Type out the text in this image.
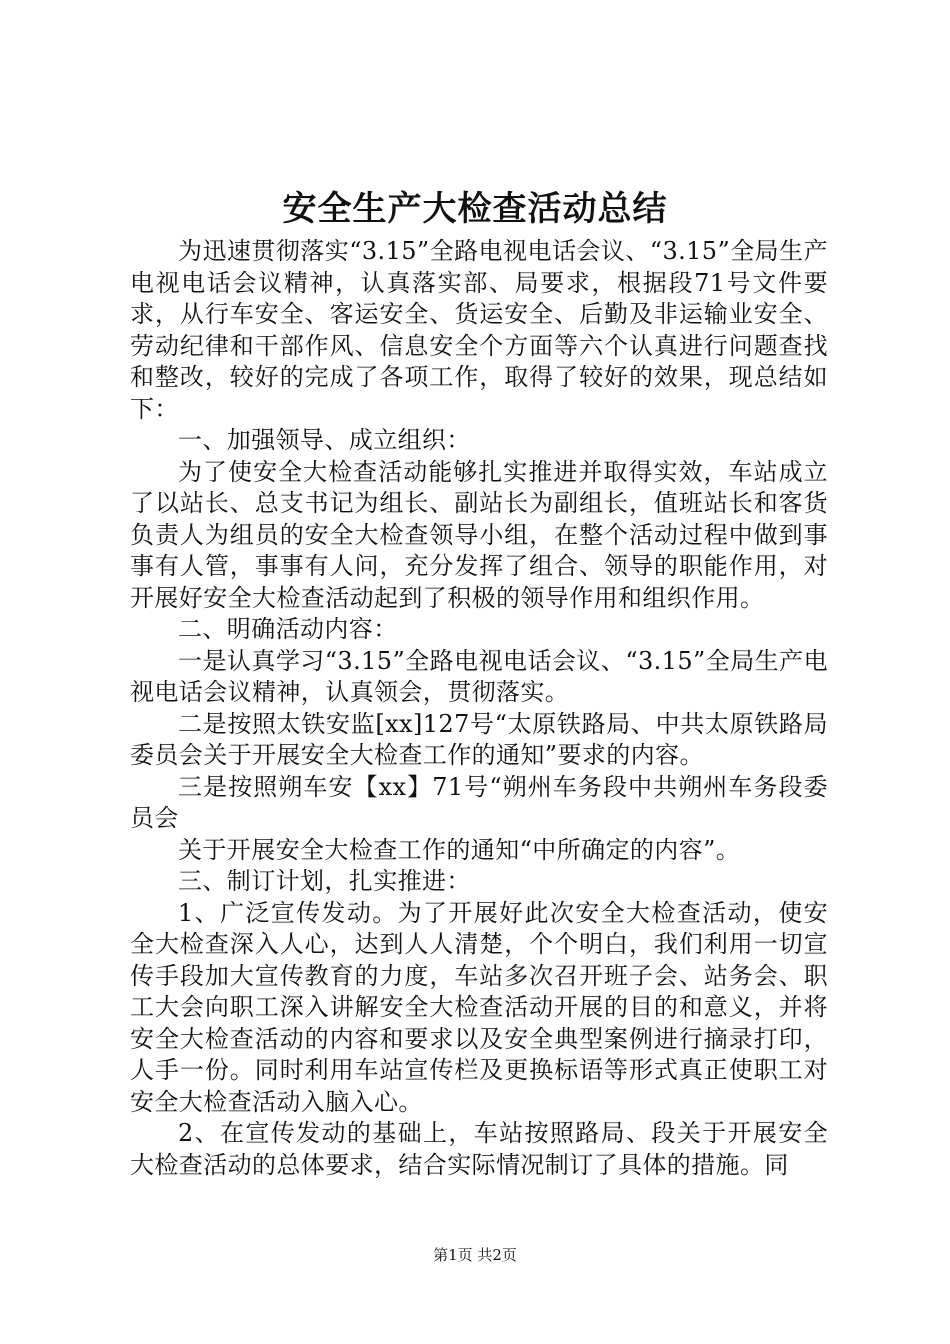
安全生产大检查活动总结

为迅速贯彻落实“3.15”全路电视电话会议、“3.15”全局生产电视电话会议精神，认真落实部、局要求，根据段71号文件要求，从行车安全、客运安全、货运安全、后勤及非运输业安全、劳动纪律和干部作风、信息安全个方面等六个认真进行问题查找和整改，较好的完成了各项工作，取得了较好的效果，现总结如下：

一、加强领导、成立组织：

为了使安全大检查活动能够扎实推进并取得实效，车站成立了以站长、总支书记为组长、副站长为副组长，值班站长和客货负责人为组员的安全大检查领导小组，在整个活动过程中做到事事有人管，事事有人问，充分发挥了组合、领导的职能作用，对开展好安全大检查活动起到了积极的领导作用和组织作用。

二、明确活动内容：

一是认真学习“3.15”全路电视电话会议、“3.15”全局生产电视电话会议精神，认真领会，贯彻落实。

二是按照太铁安监[xx]127号“太原铁路局、中共太原铁路局委员会关于开展安全大检查工作的通知”要求的内容。

三是按照朔车安【xx】71号“朔州车务段中共朔州车务段委员会

关于开展安全大检查工作的通知“中所确定的内容”。

三、制订计划，扎实推进：

1、广泛宣传发动。为了开展好此次安全大检查活动，使安全大检查深入人心，达到人人清楚，个个明白，我们利用一切宣传手段加大宣传教育的力度，车站多次召开班子会、站务会、职工大会向职工深入讲解安全大检查活动开展的目的和意义，并将安全大检查活动的内容和要求以及安全典型案例进行摘录打印，人手一份。同时利用车站宣传栏及更换标语等形式真正使职工对安全大检查活动入脑入心。

2、在宣传发动的基础上，车站按照路局、段关于开展安全大检查活动的总体要求，结合实际情况制订了具体的措施。同

第1页 共2页
